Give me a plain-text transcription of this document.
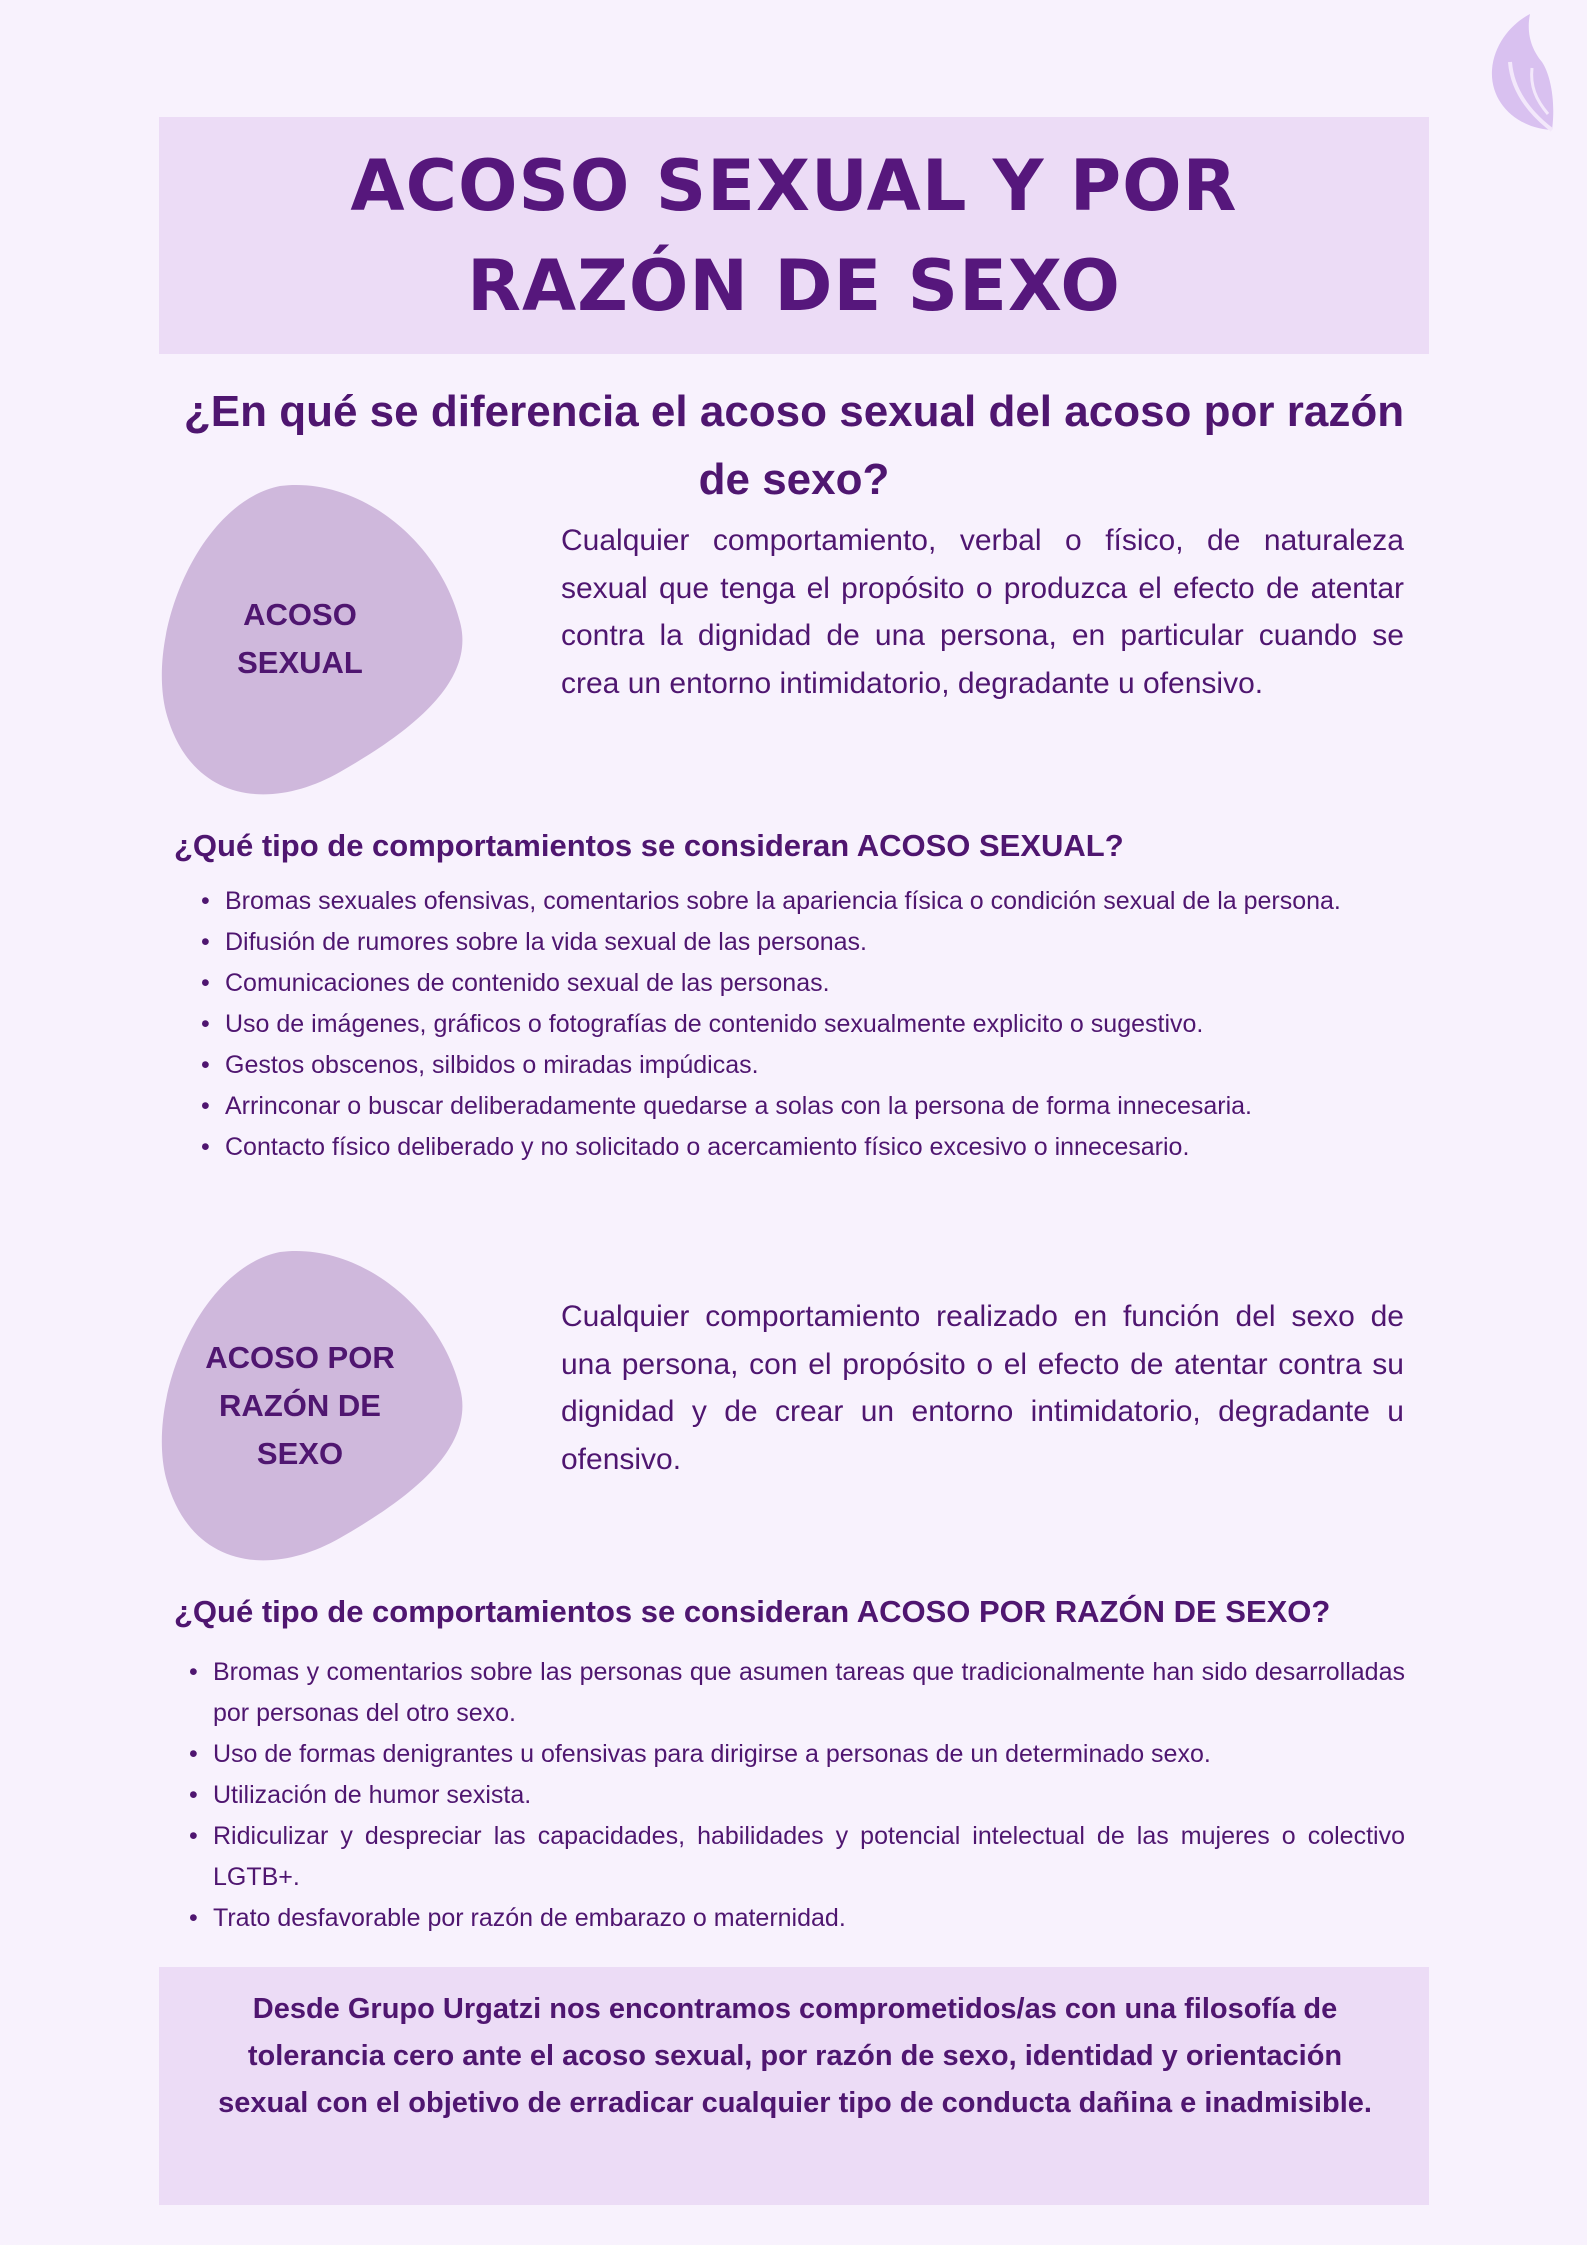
ACOSO SEXUAL Y POR
RAZÓN DE SEXO
¿En qué se diferencia el acoso sexual del acoso por razón de sexo?
ACOSO
SEXUAL
Cualquier comportamiento, verbal o físico, de naturaleza sexual que tenga el propósito o produzca el efecto de atentar contra la dignidad de una persona, en particular cuando se crea un entorno intimidatorio, degradante u ofensivo.
¿Qué tipo de comportamientos se consideran ACOSO SEXUAL?
• Bromas sexuales ofensivas, comentarios sobre la apariencia física o condición sexual de la persona.
• Difusión de rumores sobre la vida sexual de las personas.
• Comunicaciones de contenido sexual de las personas.
• Uso de imágenes, gráficos o fotografías de contenido sexualmente explicito o sugestivo.
• Gestos obscenos, silbidos o miradas impúdicas.
• Arrinconar o buscar deliberadamente quedarse a solas con la persona de forma innecesaria.
• Contacto físico deliberado y no solicitado o acercamiento físico excesivo o innecesario.
ACOSO POR
RAZÓN DE
SEXO
Cualquier comportamiento realizado en función del sexo de una persona, con el propósito o el efecto de atentar contra su dignidad y de crear un entorno intimidatorio, degradante u ofensivo.
¿Qué tipo de comportamientos se consideran ACOSO POR RAZÓN DE SEXO?
• Bromas y comentarios sobre las personas que asumen tareas que tradicionalmente han sido desarrolladas por personas del otro sexo.
• Uso de formas denigrantes u ofensivas para dirigirse a personas de un determinado sexo.
• Utilización de humor sexista.
• Ridiculizar y despreciar las capacidades, habilidades y potencial intelectual de las mujeres o colectivo LGTB+.
• Trato desfavorable por razón de embarazo o maternidad.
Desde Grupo Urgatzi nos encontramos comprometidos/as con una filosofía de
tolerancia cero ante el acoso sexual, por razón de sexo, identidad y orientación
sexual con el objetivo de erradicar cualquier tipo de conducta dañina e inadmisible.
